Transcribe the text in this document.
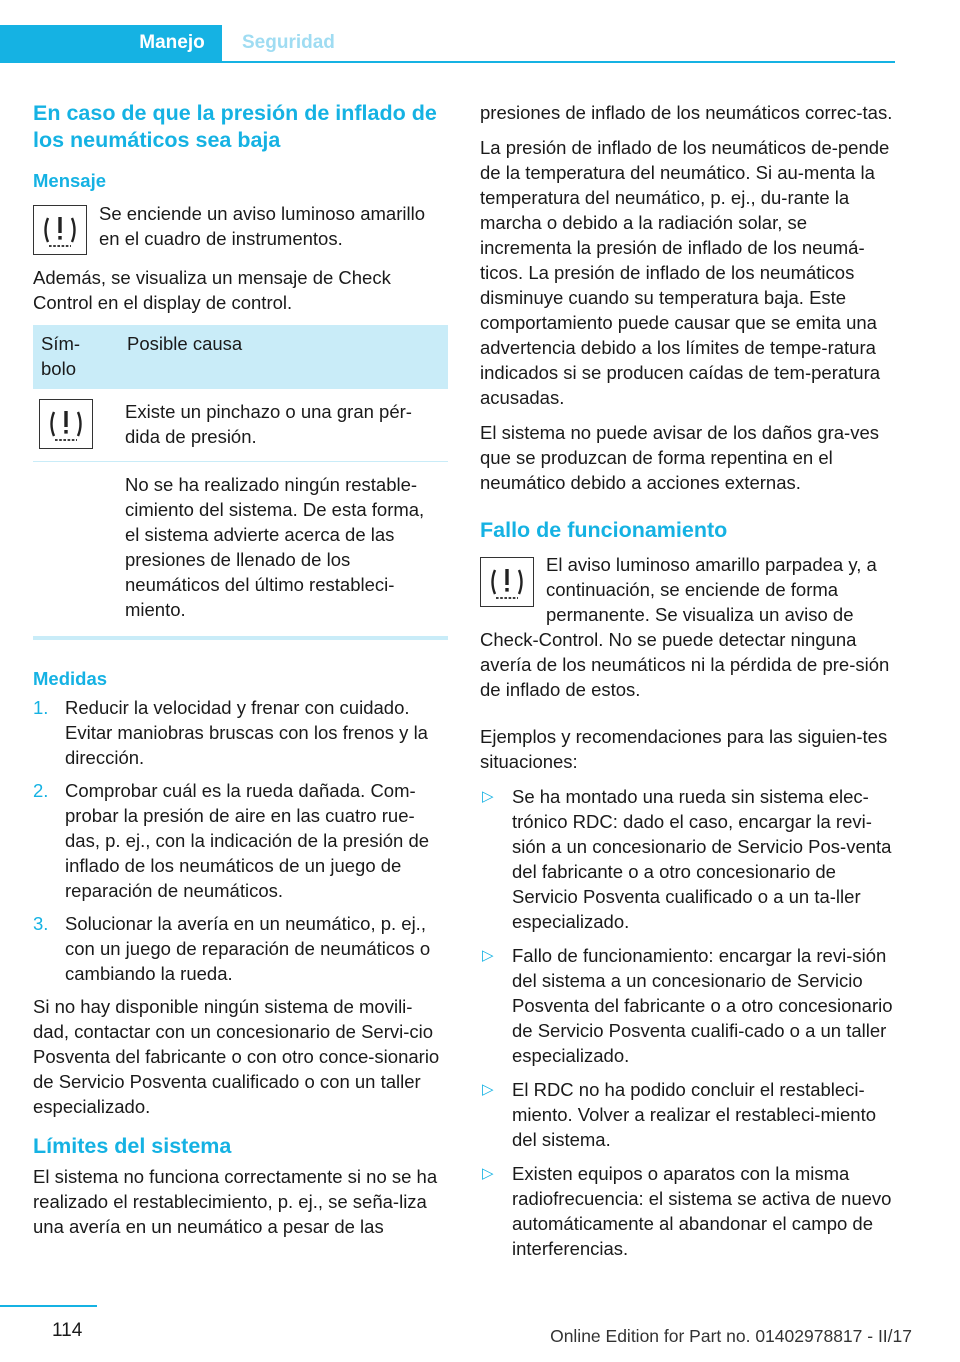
Manejo	Seguridad
En caso de que la presión de inflado de los neumáticos sea baja
Mensaje
Se enciende un aviso luminoso amarillo en el cuadro de instrumentos.

Además, se visualiza un mensaje de Check Control en el display de control.

Sím-
bolo	Posible causa

	Existe un pinchazo o una gran pér-dida de presión.
	No se ha realizado ningún restable-cimiento del sistema. De esta forma, el sistema advierte acerca de las presiones de llenado de los neumáticos del último restableci-miento.
Medidas
1. Reducir la velocidad y frenar con cuidado. Evitar maniobras bruscas con los frenos y la dirección.
2. Comprobar cuál es la rueda dañada. Com-probar la presión de aire en las cuatro rue-das, p. ej., con la indicación de la presión de inflado de los neumáticos de un juego de reparación de neumáticos.
3. Solucionar la avería en un neumático, p. ej., con un juego de reparación de neumáticos o cambiando la rueda.

Si no hay disponible ningún sistema de movili-dad, contactar con un concesionario de Servi-cio Posventa del fabricante o con otro conce-sionario de Servicio Posventa cualificado o con un taller especializado.

Límites del sistema

El sistema no funciona correctamente si no se ha realizado el restablecimiento, p. ej., se seña-liza una avería en un neumático a pesar de las

presiones de inflado de los neumáticos correc-tas.

La presión de inflado de los neumáticos de-pende de la temperatura del neumático. Si au-menta la temperatura del neumático, p. ej., du-rante la marcha o debido a la radiación solar, se incrementa la presión de inflado de los neumá-ticos. La presión de inflado de los neumáticos disminuye cuando su temperatura baja. Este comportamiento puede causar que se emita una advertencia debido a los límites de tempe-ratura indicados si se producen caídas de tem-peratura acusadas.

El sistema no puede avisar de los daños gra-ves que se produzcan de forma repentina en el neumático debido a acciones externas.

Fallo de funcionamiento
El aviso luminoso amarillo parpadea y, a continuación, se enciende de forma permanente. Se visualiza un aviso de Check-Control. No se puede detectar ninguna avería de los neumáticos ni la pérdida de pre-sión de inflado de estos.

Ejemplos y recomendaciones para las siguien-tes situaciones:

▷ Se ha montado una rueda sin sistema elec-trónico RDC: dado el caso, encargar la revi-sión a un concesionario de Servicio Pos-venta del fabricante o a otro concesionario de Servicio Posventa cualificado o a un ta-ller especializado.
▷ Fallo de funcionamiento: encargar la revi-sión del sistema a un concesionario de Servicio Posventa del fabricante o a otro concesionario de Servicio Posventa cualifi-cado o a un taller especializado.
▷ El RDC no ha podido concluir el restableci-miento. Volver a realizar el restableci-miento del sistema.
▷ Existen equipos o aparatos con la misma radiofrecuencia: el sistema se activa de nuevo automáticamente al abandonar el campo de interferencias.
114	Online Edition for Part no. 01402978817 - II/17
